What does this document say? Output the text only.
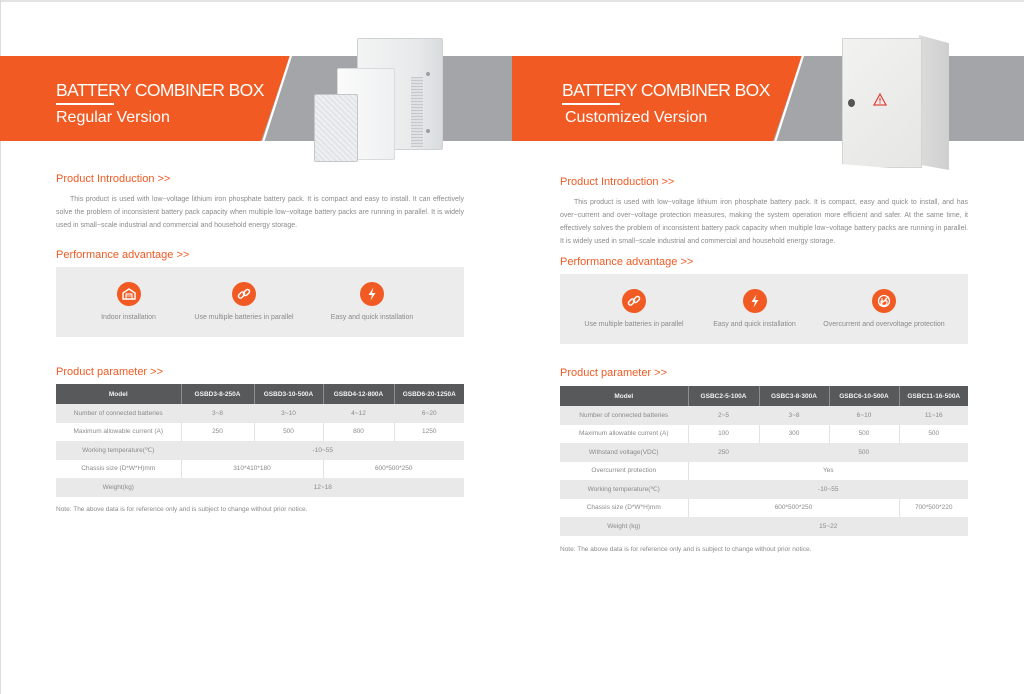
BATTERY COMBINER BOX
Regular Version
Product Introduction >>

This product is used with low−voltage lithium iron phosphate battery pack. It is compact and easy to install. It can effectively solve the problem of inconsistent battery pack capacity when multiple low−voltage battery packs are running in parallel. It is widely used in small−scale industrial and commercial and household energy storage.

Performance advantage >>
Indoor installation	Use multiple batteries in parallel	Easy and quick installation
Product parameter >>
Model	GSBD3-8-250A	GSBD3-10-500A	GSBD4-12-800A	GSBD6-20-1250A
Number of connected batteries	3~8	3~10	4~12	6~20
Maximum allowable current (A)	250	500	800	1250
Working temperature(℃)	-10~55			
Chassis size (D*W*H)mm	310*410*180		600*500*250	
Weight(kg)	12~18			
Note: The above data is for reference only and is subject to change without prior notice.
BATTERY COMBINER BOX
Customized Version
Product Introduction >>

This product is used with low−voltage lithium iron phosphate battery pack. It is compact, easy and quick to install, and has over−current and over−voltage protection measures, making the system operation more efficient and safer. At the same time, it effectively solves the problem of inconsistent battery pack capacity when multiple low−voltage battery packs are running in parallel. It is widely used in small−scale industrial and commercial and household energy storage.

Performance advantage >>
Use multiple batteries in parallel	Easy and quick installation	Overcurrent and overvoltage protection
Product parameter >>
Model	GSBC2-5-100A	GSBC3-8-300A	GSBC6-10-500A	GSBC11-16-500A
Number of connected batteries	2~5	3~8	6~10	11~16
Maximum allowable current (A)	100	300	500	500
Withstand voltage(VDC)	250	500		
Overcurrent protection	Yes			
Working temperature(℃)	-10~55			
Chassis size (D*W*H)mm	600*500*250			700*500*220
Weight (kg)	15~22			
Note: The above data is for reference only and is subject to change without prior notice.
